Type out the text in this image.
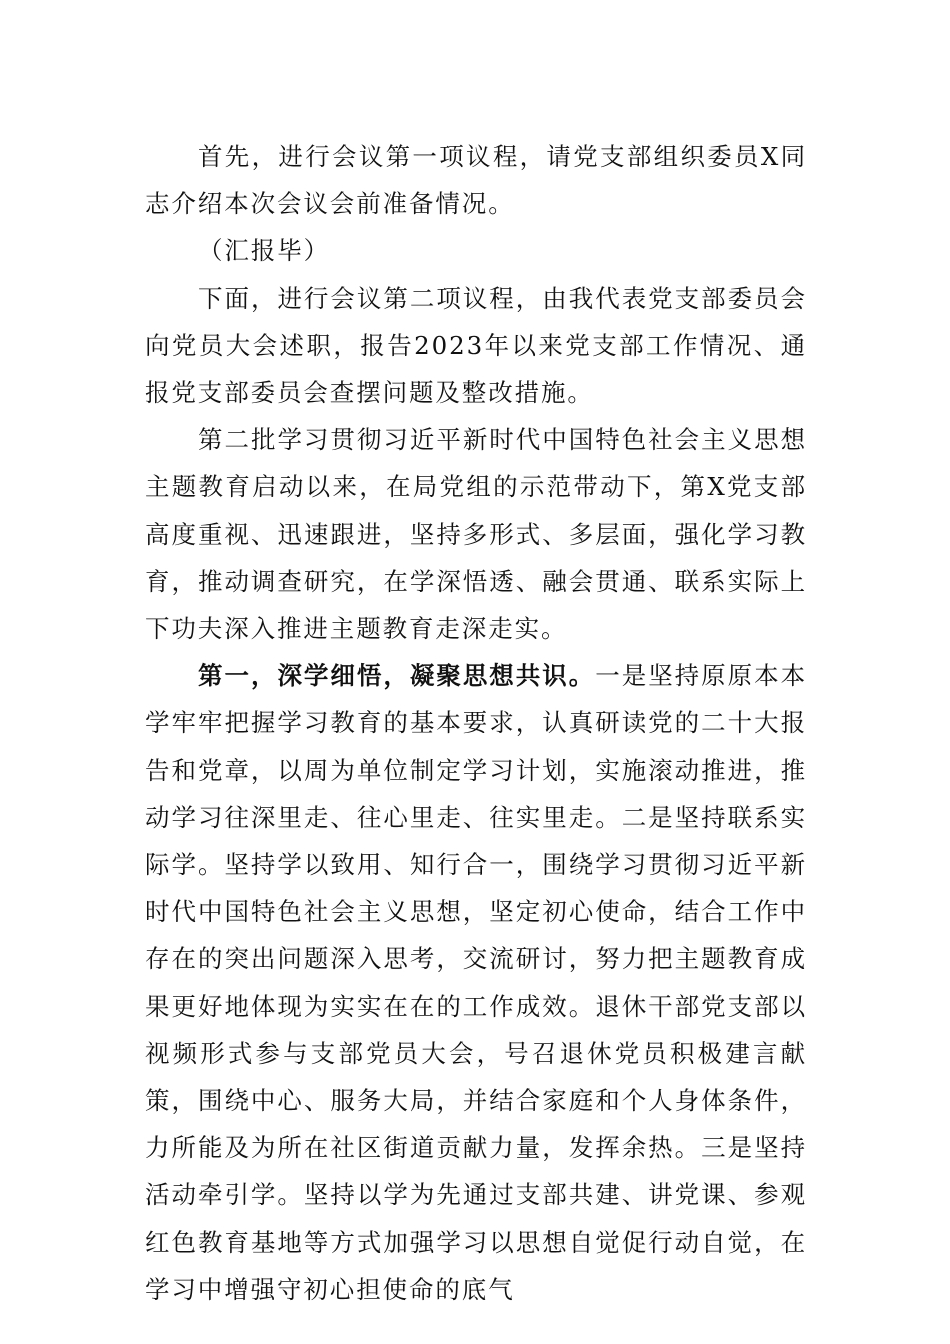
首先，进行会议第一项议程，请党支部组织委员X同志介绍本次会议会前准备情况。

（汇报毕）

下面，进行会议第二项议程，由我代表党支部委员会向党员大会述职，报告2023年以来党支部工作情况、通报党支部委员会查摆问题及整改措施。

第二批学习贯彻习近平新时代中国特色社会主义思想主题教育启动以来，在局党组的示范带动下，第X党支部高度重视、迅速跟进，坚持多形式、多层面，强化学习教育，推动调查研究，在学深悟透、融会贯通、联系实际上下功夫深入推进主题教育走深走实。

第一，深学细悟，凝聚思想共识。一是坚持原原本本学牢牢把握学习教育的基本要求，认真研读党的二十大报告和党章，以周为单位制定学习计划，实施滚动推进，推动学习往深里走、往心里走、往实里走。二是坚持联系实际学。坚持学以致用、知行合一，围绕学习贯彻习近平新时代中国特色社会主义思想，坚定初心使命，结合工作中存在的突出问题深入思考，交流研讨，努力把主题教育成果更好地体现为实实在在的工作成效。退休干部党支部以视频形式参与支部党员大会，号召退休党员积极建言献策，围绕中心、服务大局，并结合家庭和个人身体条件，力所能及为所在社区街道贡献力量，发挥余热。三是坚持活动牵引学。坚持以学为先通过支部共建、讲党课、参观红色教育基地等方式加强学习以思想自觉促行动自觉，在学习中增强守初心担使命的底气
